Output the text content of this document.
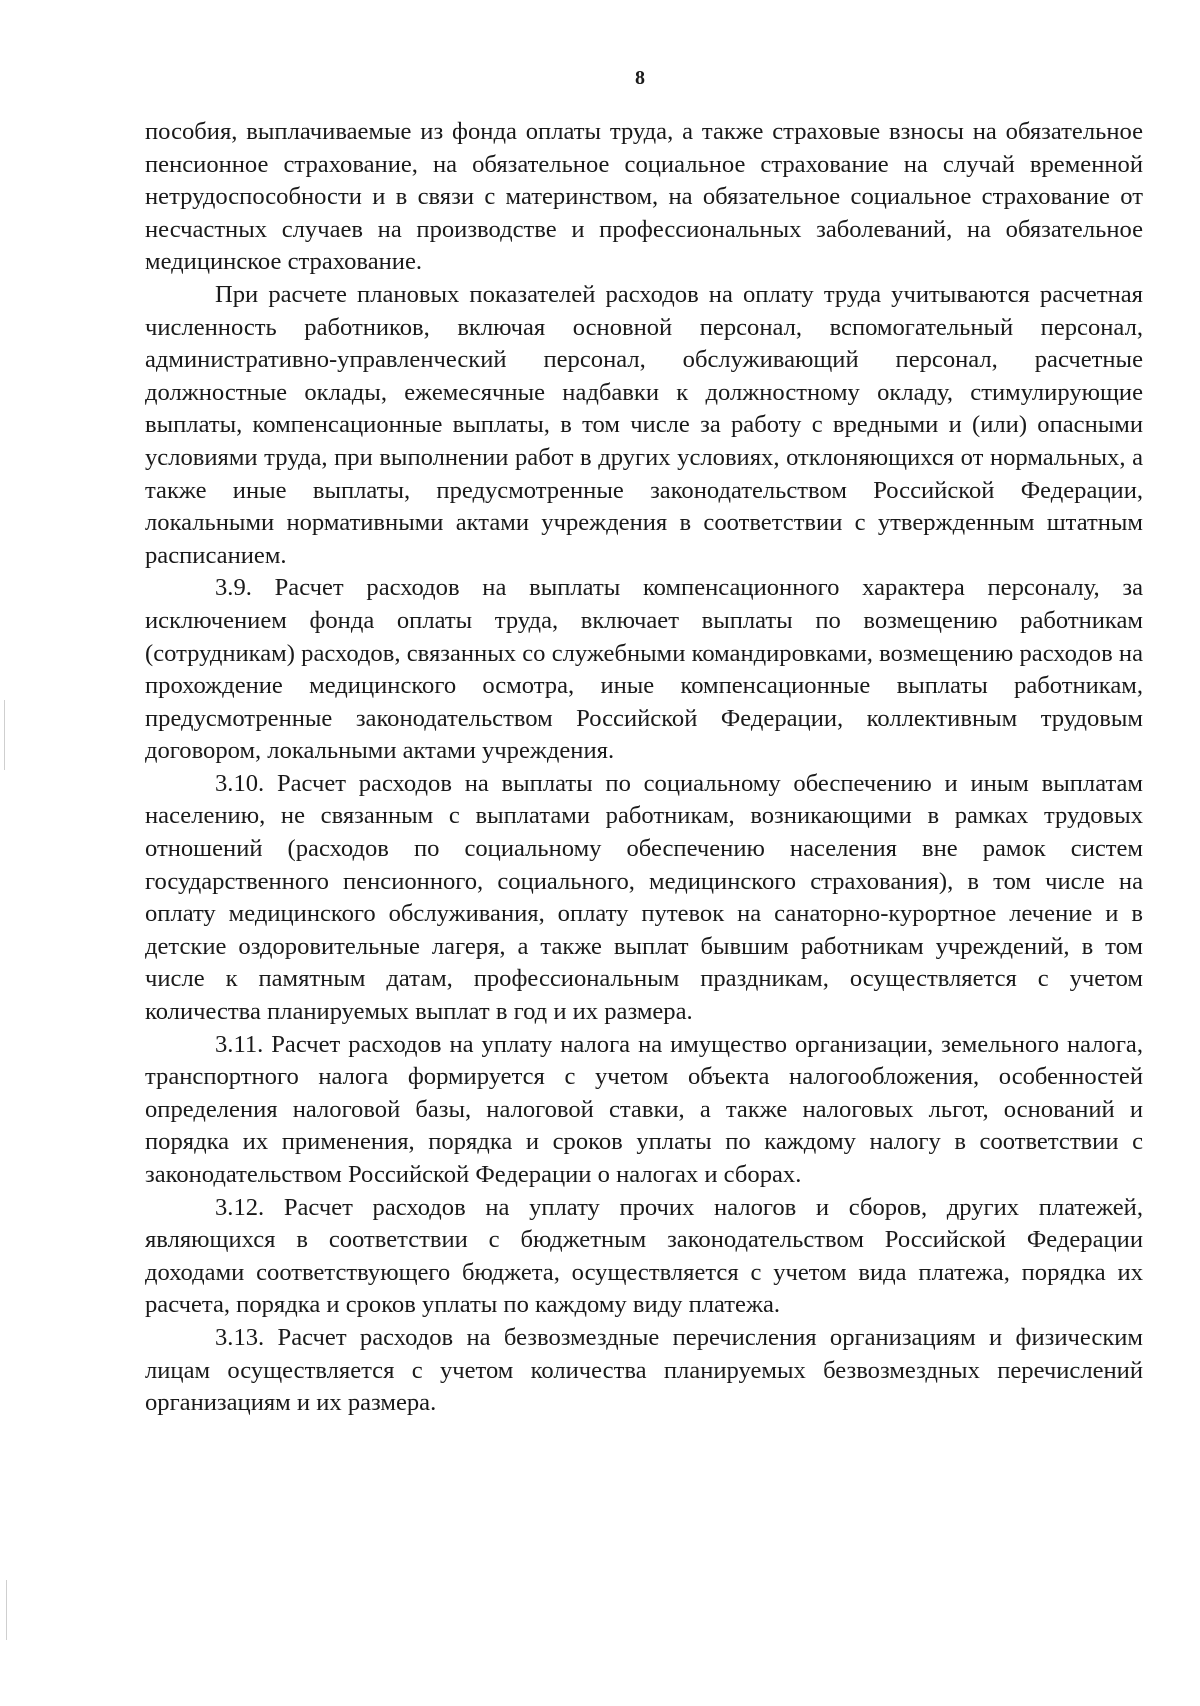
8

пособия, выплачиваемые из фонда оплаты труда, а также страховые взносы на обязательное пенсионное страхование, на обязательное социальное страхование на случай временной нетрудоспособности и в связи с материнством, на обязательное социальное страхование от несчастных случаев на производстве и профессиональных заболеваний, на обязательное медицинское страхование.

При расчете плановых показателей расходов на оплату труда учитываются расчетная численность работников, включая основной персонал, вспомогательный персонал, административно-управленческий персонал, обслуживающий персонал, расчетные должностные оклады, ежемесячные надбавки к должностному окладу, стимулирующие выплаты, компенсационные выплаты, в том числе за работу с вредными и (или) опасными условиями труда, при выполнении работ в других условиях, отклоняющихся от нормальных, а также иные выплаты, предусмотренные законодательством Российской Федерации, локальными нормативными актами учреждения в соответствии с утвержденным штатным расписанием.

3.9. Расчет расходов на выплаты компенсационного характера персоналу, за исключением фонда оплаты труда, включает выплаты по возмещению работникам (сотрудникам) расходов, связанных со служебными командировками, возмещению расходов на прохождение медицинского осмотра, иные компенсационные выплаты работникам, предусмотренные законодательством Российской Федерации, коллективным трудовым договором, локальными актами учреждения.

3.10. Расчет расходов на выплаты по социальному обеспечению и иным выплатам населению, не связанным с выплатами работникам, возникающими в рамках трудовых отношений (расходов по социальному обеспечению населения вне рамок систем государственного пенсионного, социального, медицинского страхования), в том числе на оплату медицинского обслуживания, оплату путевок на санаторно-курортное лечение и в детские оздоровительные лагеря, а также выплат бывшим работникам учреждений, в том числе к памятным датам, профессиональным праздникам, осуществляется с учетом количества планируемых выплат в год и их размера.

3.11. Расчет расходов на уплату налога на имущество организации, земельного налога, транспортного налога формируется с учетом объекта налогообложения, особенностей определения налоговой базы, налоговой ставки, а также налоговых льгот, оснований и порядка их применения, порядка и сроков уплаты по каждому налогу в соответствии с законодательством Российской Федерации о налогах и сборах.

3.12. Расчет расходов на уплату прочих налогов и сборов, других платежей, являющихся в соответствии с бюджетным законодательством Российской Федерации доходами соответствующего бюджета, осуществляется с учетом вида платежа, порядка их расчета, порядка и сроков уплаты по каждому виду платежа.

3.13. Расчет расходов на безвозмездные перечисления организациям и физическим лицам осуществляется с учетом количества планируемых безвозмездных перечислений организациям и их размера.
